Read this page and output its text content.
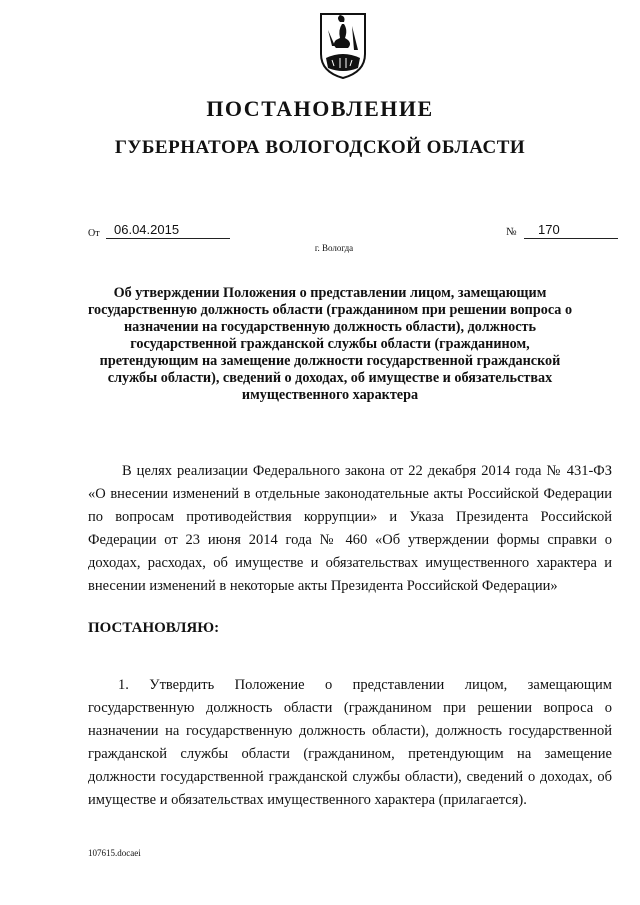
ПОСТАНОВЛЕНИЕ
ГУБЕРНАТОРА ВОЛОГОДСКОЙ ОБЛАСТИ
От	06.04.2015	№	170
г. Вологда

Об утверждении Положения о представлении лицом, замещающим государственную должность области (гражданином при решении вопроса о назначении на государственную должность области), должность государственной гражданской службы области (гражданином, претендующим на замещение должности государственной гражданской службы области), сведений о доходах, об имуществе и обязательствах имущественного характера

В целях реализации Федерального закона от 22 декабря 2014 года № 431-ФЗ «О внесении изменений в отдельные законодательные акты Российской Федерации по вопросам противодействия коррупции» и Указа Президента Российской Федерации от 23 июня 2014 года № 460 «Об утверждении формы справки о доходах, расходах, об имуществе и обязательствах имущественного характера и внесении изменений в некоторые акты Президента Российской Федерации»

ПОСТАНОВЛЯЮ:

1. Утвердить Положение о представлении лицом, замещающим государственную должность области (гражданином при решении вопроса о назначении на государственную должность области), должность государственной гражданской службы области (гражданином, претендующим на замещение должности государственной гражданской службы области), сведений о доходах, об имуществе и обязательствах имущественного характера (прилагается).

107615.docaei
